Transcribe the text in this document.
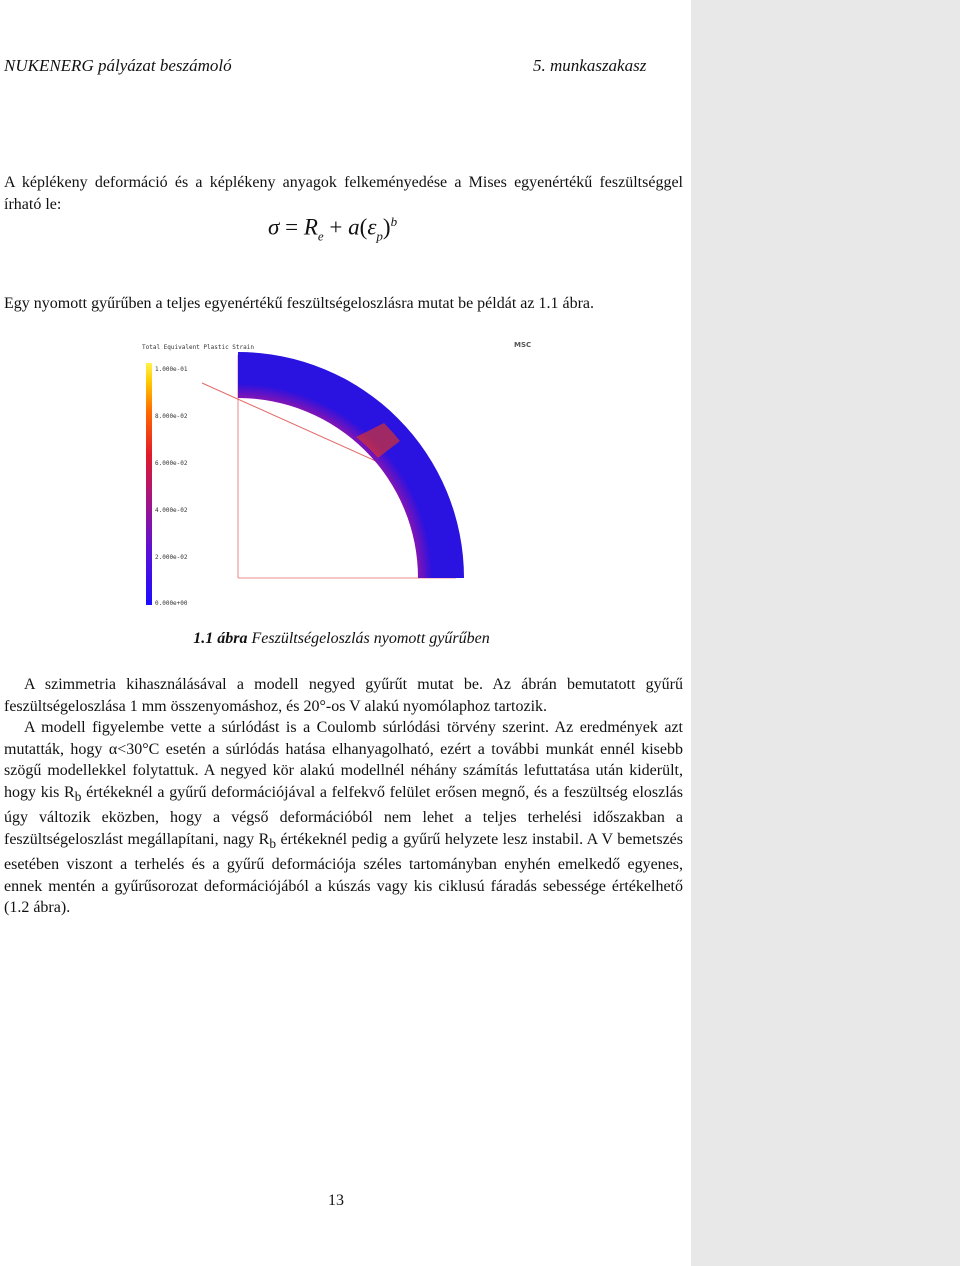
NUKENERG pályázat beszámoló	5. munkaszakasz
A képlékeny deformáció és a képlékeny anyagok felkeményedése a Mises egyenértékű feszültséggel írható le:
$\sigma = R_e + a(\varepsilon_p)^b$
Egy nyomott gyűrűben a teljes egyenértékű feszültségeloszlásra mutat be példát az 1.1 ábra.
Total Equivalent Plastic Strain	MSC
1.000e-01
8.000e-02
6.000e-02
4.000e-02
2.000e-02
0.000e+00
1.1 ábra Feszültségeloszlás nyomott gyűrűben
A szimmetria kihasználásával a modell negyed gyűrűt mutat be. Az ábrán bemutatott gyűrű feszültségeloszlása 1 mm összenyomáshoz, és 20°-os V alakú nyomólaphoz tartozik.
A modell figyelembe vette a súrlódást is a Coulomb súrlódási törvény szerint. Az eredmények azt mutatták, hogy α<30°C esetén a súrlódás hatása elhanyagolható, ezért a további munkát ennél kisebb szögű modellekkel folytattuk. A negyed kör alakú modellnél néhány számítás lefuttatása után kiderült, hogy kis $R_b$ értékeknél a gyűrű deformációjával a felfekvő felület erősen megnő, és a feszültség eloszlás úgy változik eközben, hogy a végső deformációból nem lehet a teljes terhelési időszakban a feszültségeloszlást megállapítani, nagy $R_b$ értékeknél pedig a gyűrű helyzete lesz instabil. A V bemetszés esetében viszont a terhelés és a gyűrű deformációja széles tartományban enyhén emelkedő egyenes, ennek mentén a gyűrűsorozat deformációjából a kúszás vagy kis ciklusú fáradás sebessége értékelhető (1.2 ábra).
13
